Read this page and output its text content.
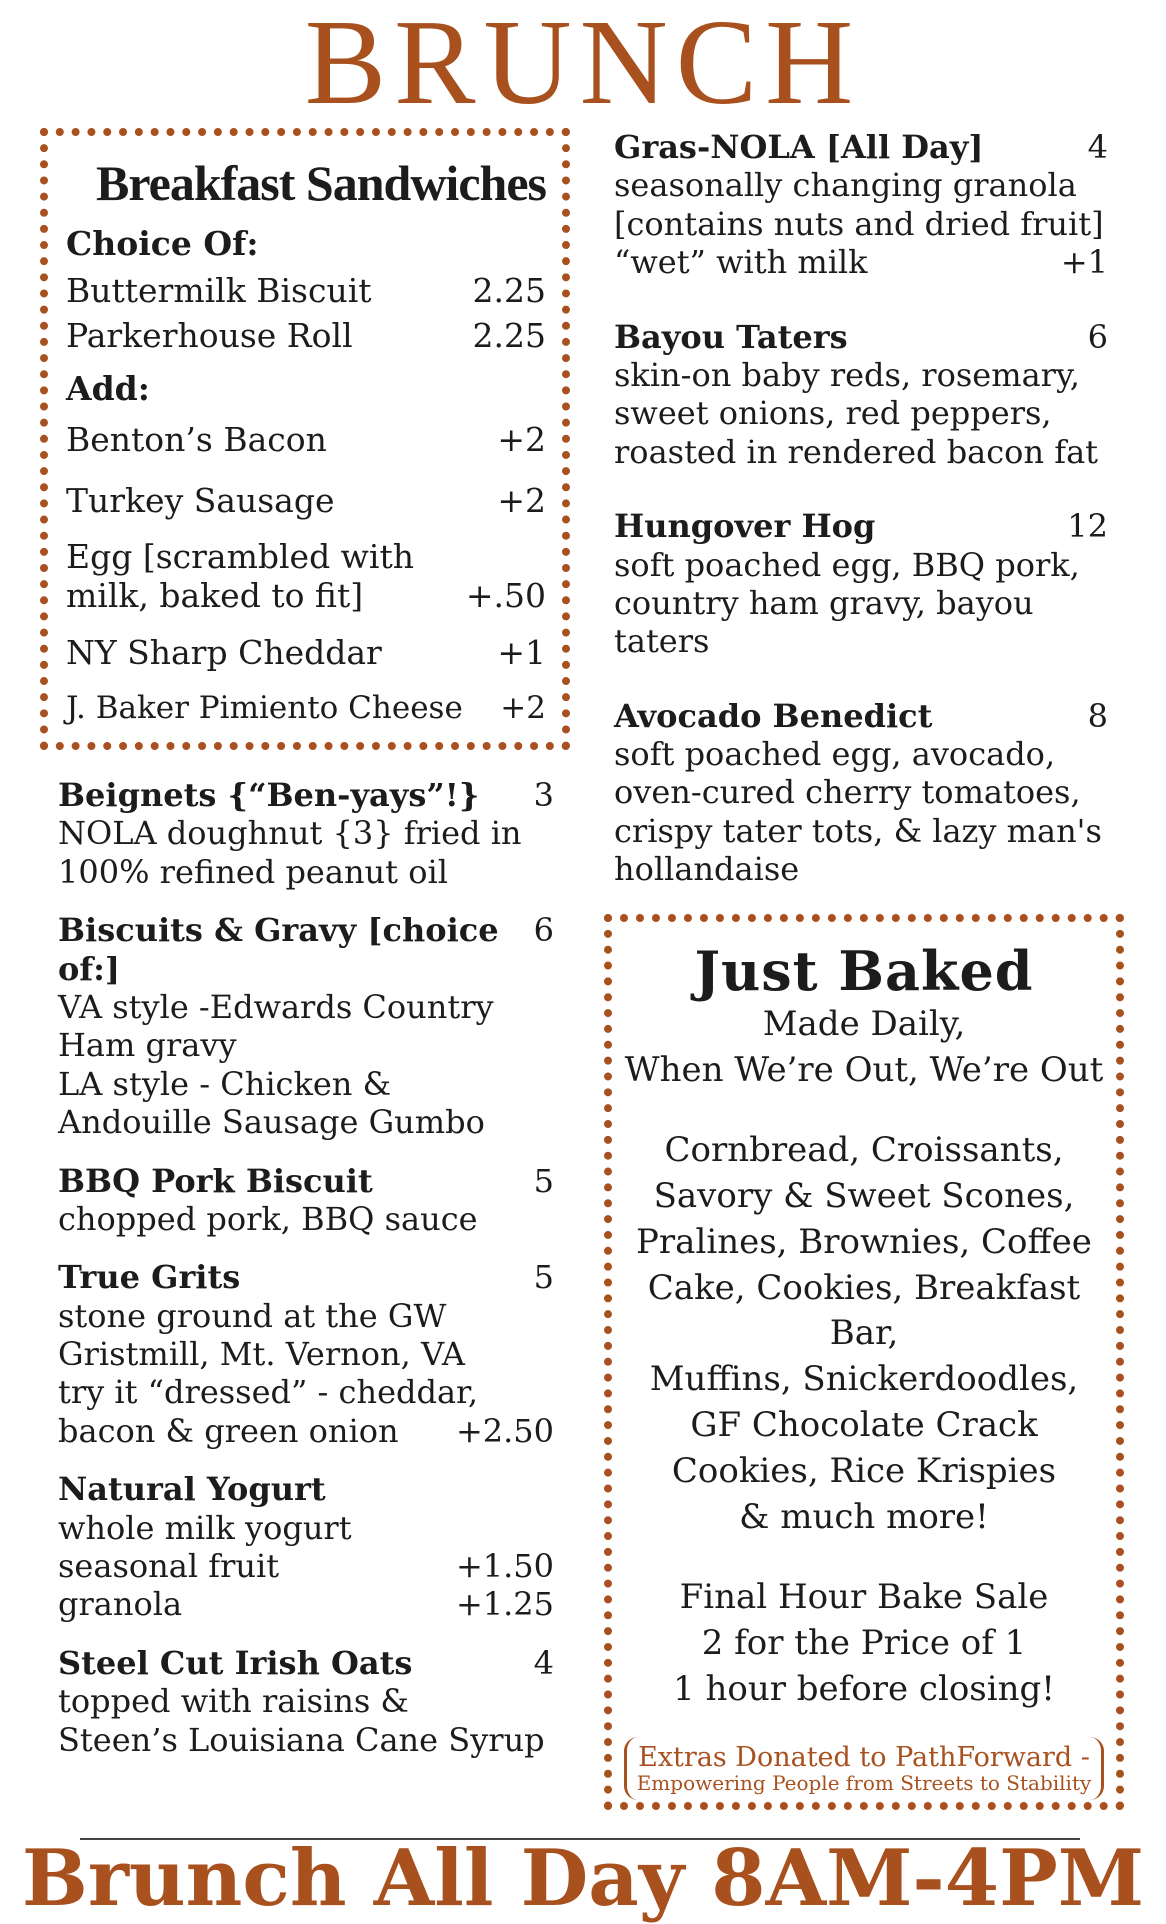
BRUNCH
Breakfast Sandwiches
Choice Of:
Buttermilk Biscuit	2.25
Parkerhouse Roll	2.25
Add:
Benton’s Bacon	+2
Turkey Sausage	+2
Egg [scrambled with
milk, baked to fit]	+.50
NY Sharp Cheddar	+1
J. Baker Pimiento Cheese +2
Beignets {“Ben-yays”!} 3
NOLA doughnut {3} fried in
100% refined peanut oil
Biscuits & Gravy [choice of:]
6
VA style -Edwards Country
Ham gravy
LA style - Chicken &
Andouille Sausage Gumbo
BBQ Pork Biscuit	5
chopped pork, BBQ sauce
True Grits	5
stone ground at the GW
Gristmill, Mt. Vernon, VA
try it “dressed” - cheddar,
bacon & green onion +2.50
Natural Yogurt
whole milk yogurt
seasonal fruit	+1.50
granola	+1.25
Steel Cut Irish Oats	4
topped with raisins &
Steen’s Louisiana Cane Syrup
Gras-NOLA [All Day]	4
seasonally changing granola
[contains nuts and dried fruit]
“wet” with milk	+1
Bayou Taters	6
skin-on baby reds, rosemary,
sweet onions, red peppers,
roasted in rendered bacon fat
Hungover Hog	12
soft poached egg, BBQ pork,
country ham gravy, bayou taters
Avocado Benedict	8
soft poached egg, avocado,
oven-cured cherry tomatoes,
crispy tater tots, & lazy man's
hollandaise
Just Baked
Made Daily,
When We’re Out, We’re Out
Cornbread, Croissants,
Savory & Sweet Scones,
Pralines, Brownies, Coffee
Cake, Cookies, Breakfast Bar,
Muffins, Snickerdoodles,
GF Chocolate Crack
Cookies, Rice Krispies
& much more!
Final Hour Bake Sale
2 for the Price of 1
1 hour before closing!
Extras Donated to PathForward -
Empowering People from Streets to Stability
Brunch All Day 8AM-4PM
